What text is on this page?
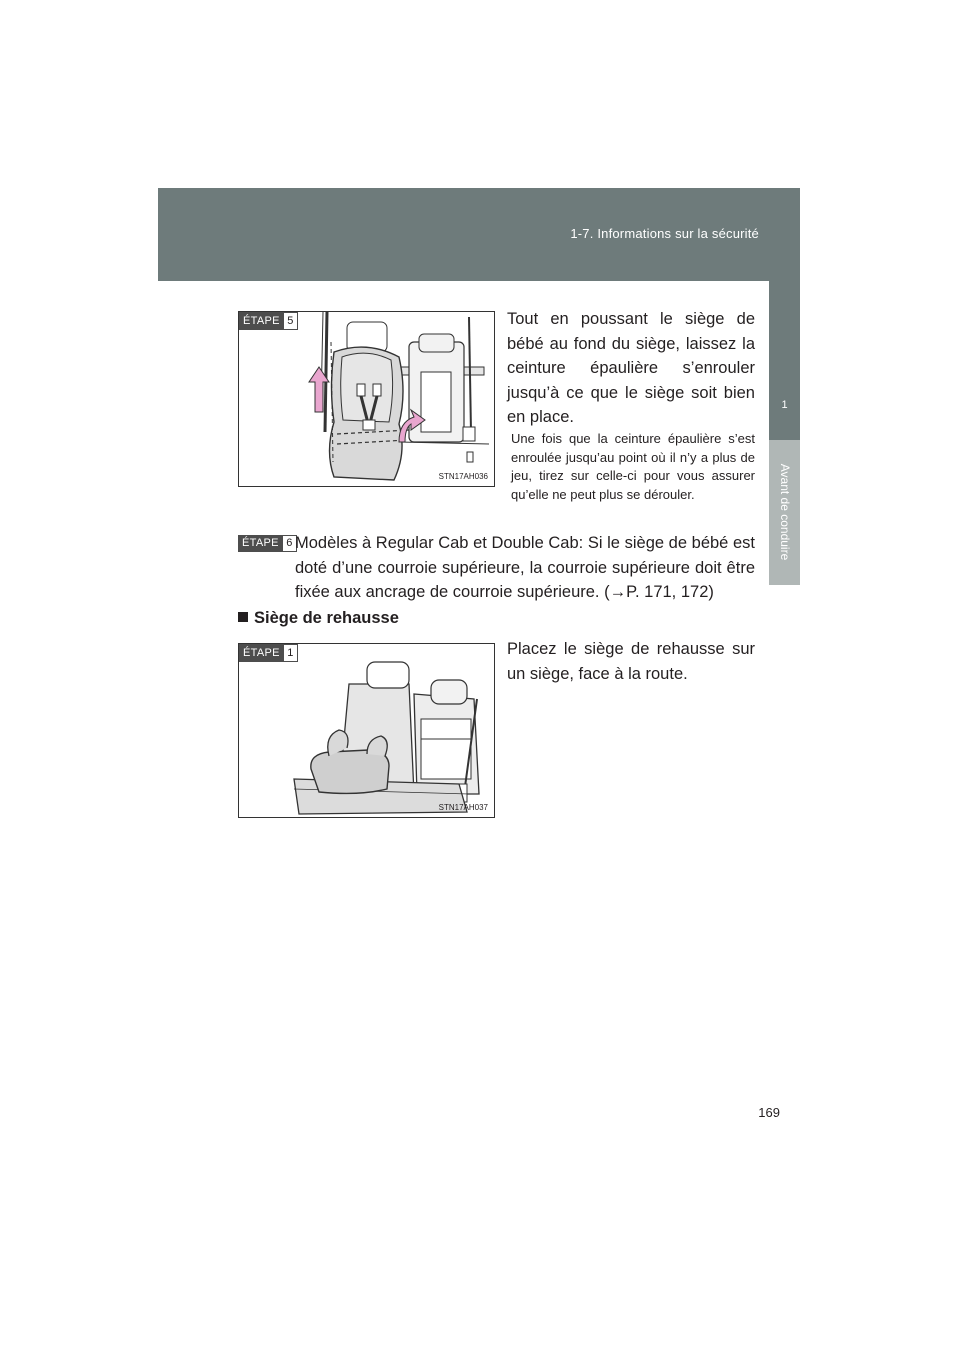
1-7. Informations sur la sécurité
1
Avant de conduire
ÉTAPE 5
STN17AH036
Tout en poussant le siège de bébé au fond du siège, laissez la ceinture épaulière s’enrouler jusqu’à ce que le siège soit bien en place.
Une fois que la ceinture épaulière s’est enroulée jusqu’au point où il n’y a plus de jeu, tirez sur celle-ci pour vous assurer qu’elle ne peut plus se dérouler.
ÉTAPE 6 Modèles à Regular Cab et Double Cab: Si le siège de bébé est doté d’une courroie supérieure, la courroie supérieure doit être fixée aux ancrage de courroie supérieure. (→P. 171, 172)
Siège de rehausse
ÉTAPE 1
STN17AH037
Placez le siège de rehausse sur un siège, face à la route.
169
